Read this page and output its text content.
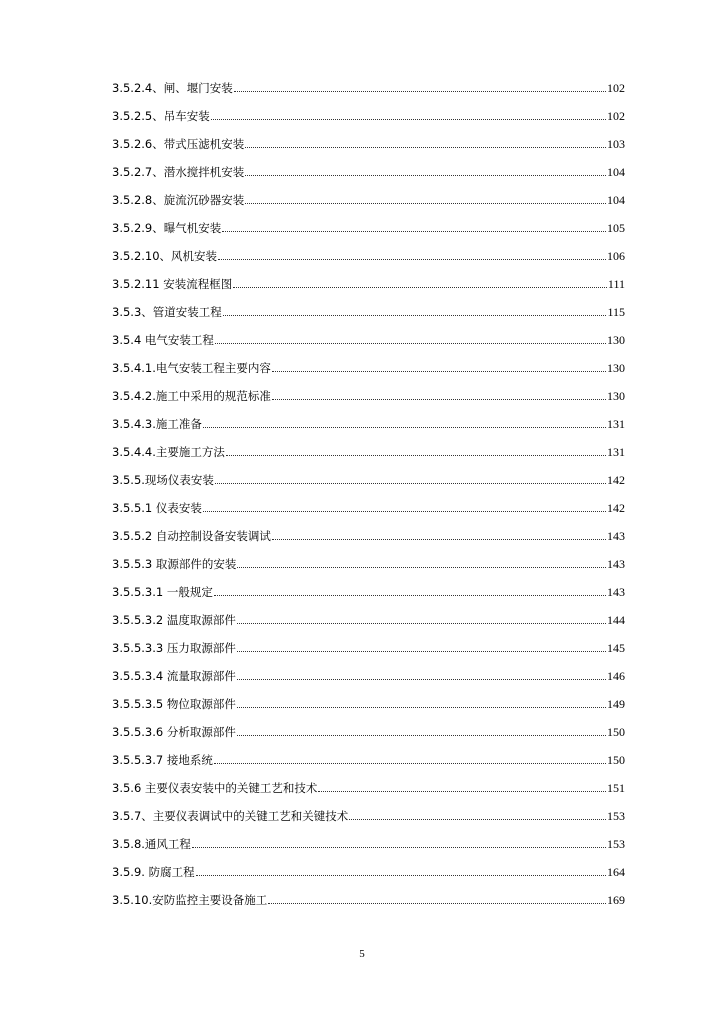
3.5.2.4、闸、堰门安装	102
3.5.2.5、吊车安装	102
3.5.2.6、带式压滤机安装	103
3.5.2.7、潜水搅拌机安装	104
3.5.2.8、旋流沉砂器安装	104
3.5.2.9、曝气机安装	105
3.5.2.10、风机安装	106
3.5.2.11 安装流程框图	111
3.5.3、管道安装工程	115
3.5.4 电气安装工程	130
3.5.4.1.电气安装工程主要内容	130
3.5.4.2.施工中采用的规范标准	130
3.5.4.3.施工准备	131
3.5.4.4.主要施工方法	131
3.5.5.现场仪表安装	142
3.5.5.1 仪表安装	142
3.5.5.2 自动控制设备安装调试	143
3.5.5.3 取源部件的安装	143
3.5.5.3.1 一般规定	143
3.5.5.3.2 温度取源部件	144
3.5.5.3.3 压力取源部件	145
3.5.5.3.4 流量取源部件	146
3.5.5.3.5 物位取源部件	149
3.5.5.3.6 分析取源部件	150
3.5.5.3.7 接地系统	150
3.5.6 主要仪表安装中的关键工艺和技术	151
3.5.7、主要仪表调试中的关键工艺和关键技术	153
3.5.8.通风工程	153
3.5.9. 防腐工程	164
3.5.10.安防监控主要设备施工	169
5
